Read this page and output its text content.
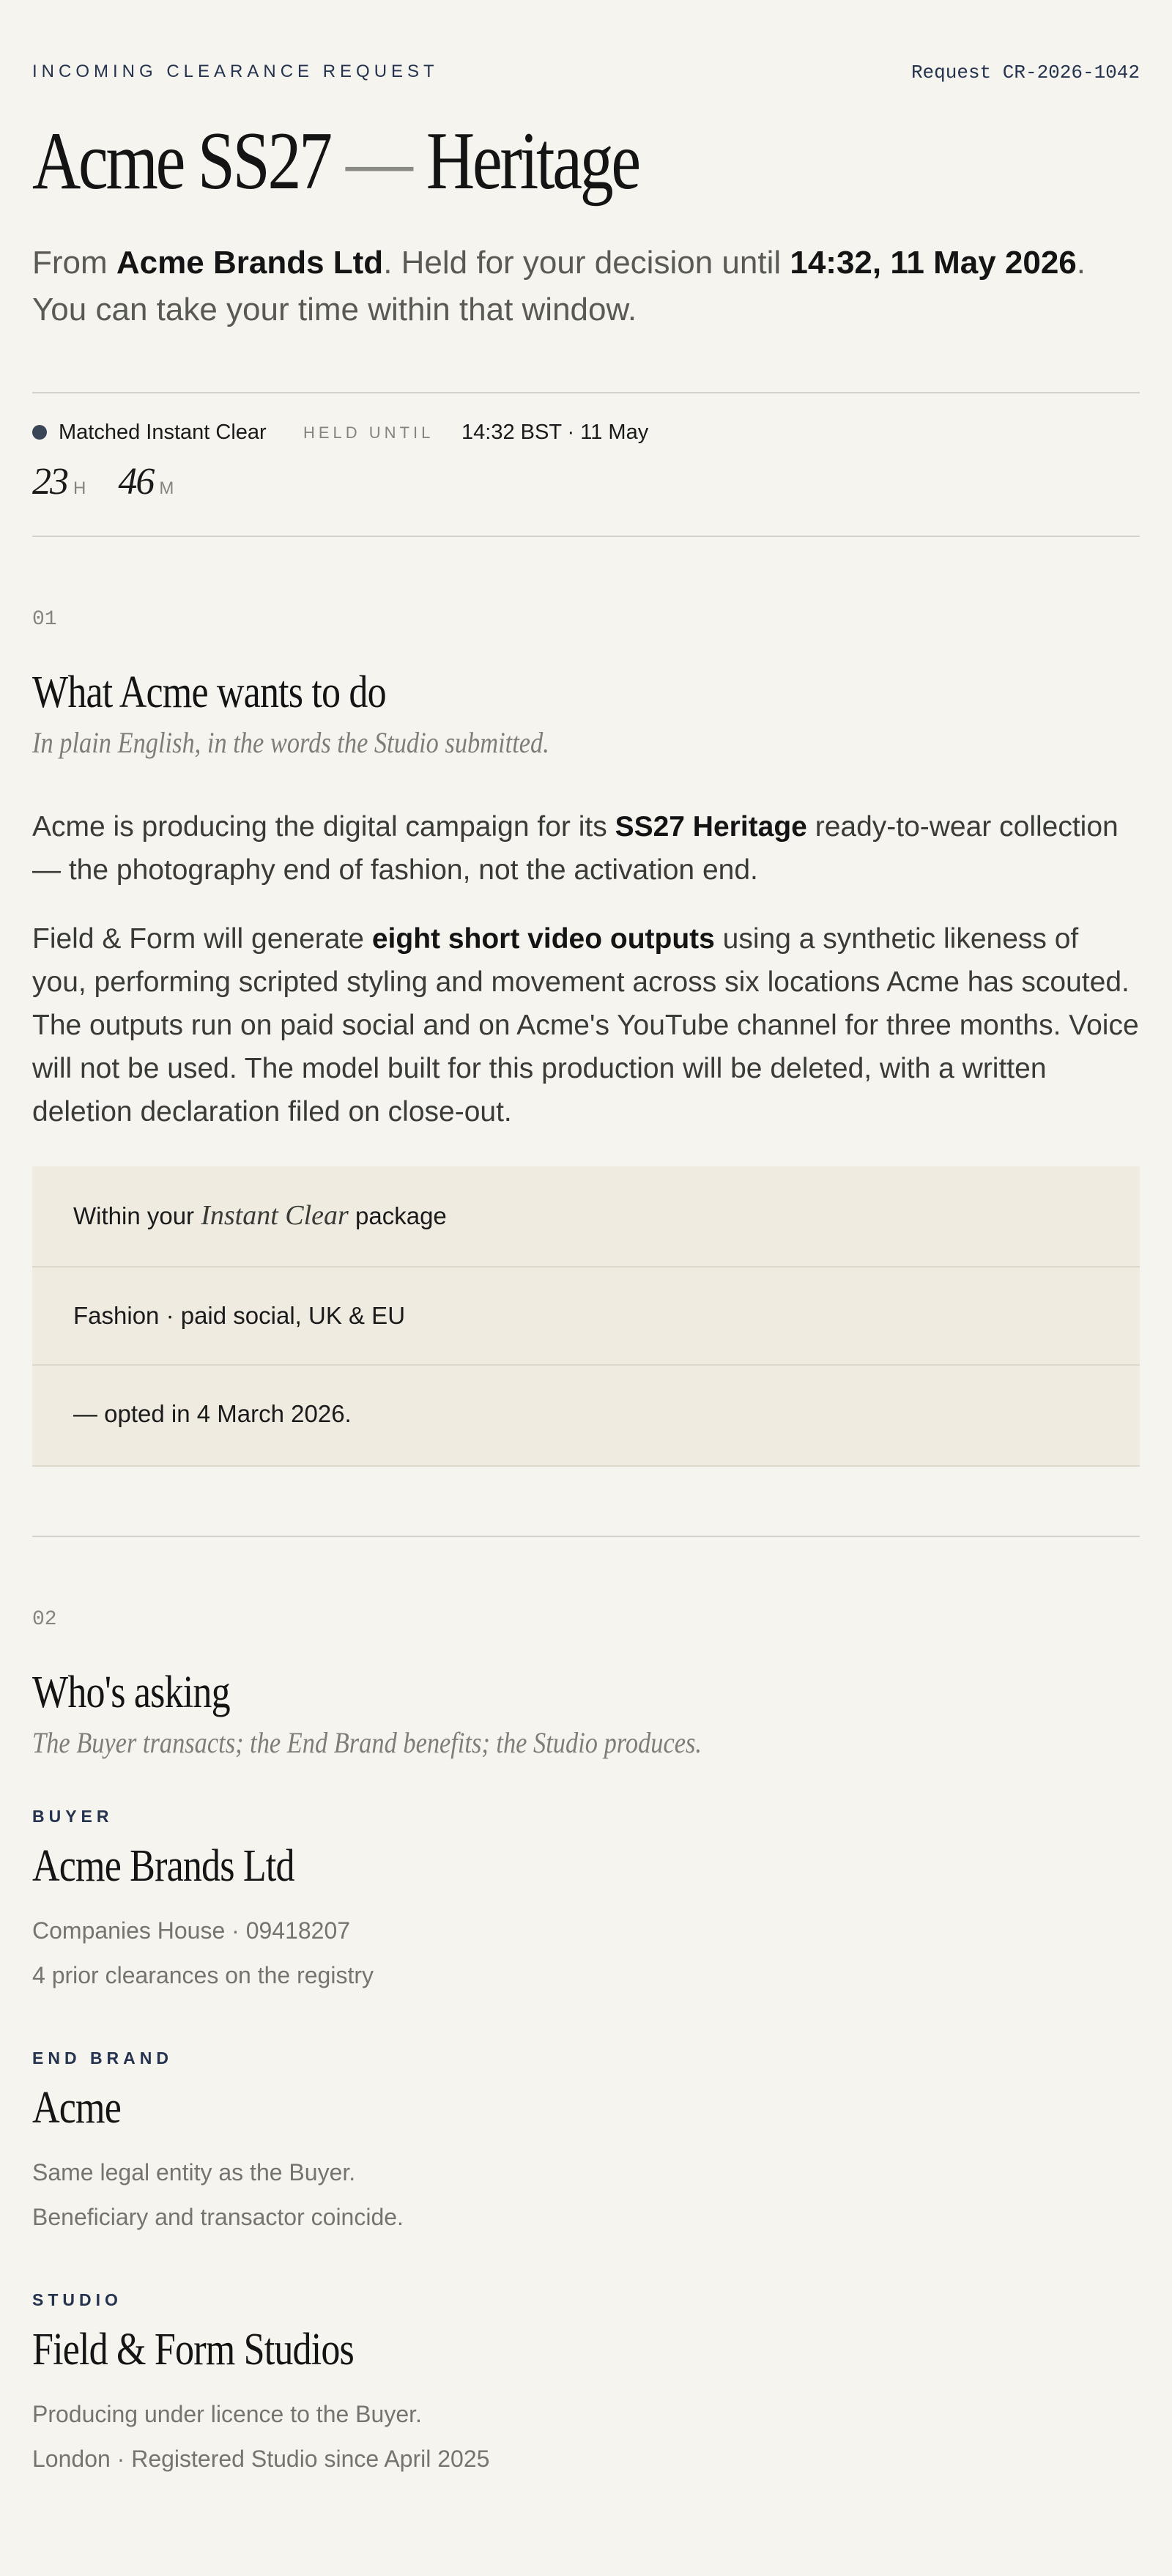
INCOMING CLEARANCE REQUEST	Request CR-2026-1042
Acme SS27 — Heritage
From Acme Brands Ltd. Held for your decision until 14:32, 11 May 2026.
You can take your time within that window.
Matched Instant Clear HELD UNTIL 14:32 BST · 11 May
23 H 46 M
01
What Acme wants to do
In plain English, in the words the Studio submitted.
Acme is producing the digital campaign for its SS27 Heritage ready-to-wear collection — the photography end of fashion, not the activation end.
Field & Form will generate eight short video outputs using a synthetic likeness of you, performing scripted styling and movement across six locations Acme has scouted. The outputs run on paid social and on Acme's YouTube channel for three months. Voice will not be used. The model built for this production will be deleted, with a written deletion declaration filed on close-out.
Within your Instant Clear package
Fashion · paid social, UK & EU
— opted in 4 March 2026.
02
Who's asking
The Buyer transacts; the End Brand benefits; the Studio produces.
BUYER
Acme Brands Ltd
Companies House · 09418207
4 prior clearances on the registry
END BRAND
Acme
Same legal entity as the Buyer.
Beneficiary and transactor coincide.
STUDIO
Field & Form Studios
Producing under licence to the Buyer.
London · Registered Studio since April 2025
